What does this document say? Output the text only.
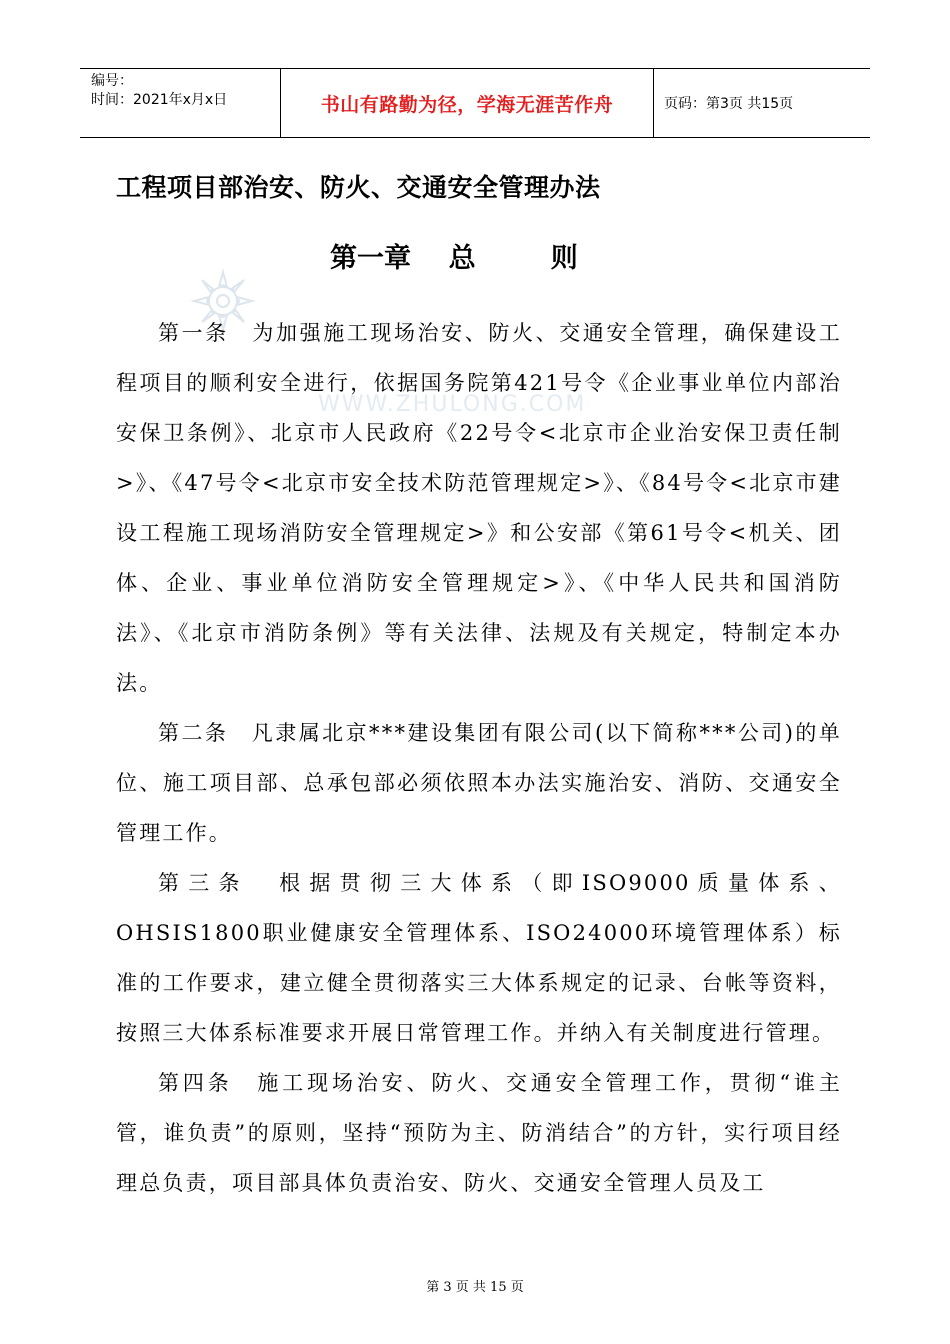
编号：
时间：2021年x月x日	书山有路勤为径，学海无涯苦作舟	页码：第3页 共15页
工程项目部治安、防火、交通安全管理办法
WWW.ZHULONG.COM
第一章    总        则

第一条　为加强施工现场治安、防火、交通安全管理，确保建设工程项目的顺利安全进行，依据国务院第421号令《企业事业单位内部治安保卫条例》、北京市人民政府《22号令<北京市企业治安保卫责任制>》、《47号令<北京市安全技术防范管理规定>》、《84号令<北京市建设工程施工现场消防安全管理规定>》和公安部《第61号令<机关、团体、企业、事业单位消防安全管理规定>》、《中华人民共和国消防法》、《北京市消防条例》等有关法律、法规及有关规定，特制定本办法。

第二条　凡隶属北京***建设集团有限公司(以下简称***公司)的单位、施工项目部、总承包部必须依照本办法实施治安、消防、交通安全管理工作。

第三条　根据贯彻三大体系（即ISO9000质量体系、OHSIS1800职业健康安全管理体系、ISO24000环境管理体系）标准的工作要求，建立健全贯彻落实三大体系规定的记录、台帐等资料，按照三大体系标准要求开展日常管理工作。并纳入有关制度进行管理。

第四条　施工现场治安、防火、交通安全管理工作，贯彻“谁主管，谁负责”的原则，坚持“预防为主、防消结合”的方针，实行项目经理总负责，项目部具体负责治安、防火、交通安全管理人员及工

第 3 页 共 15 页
